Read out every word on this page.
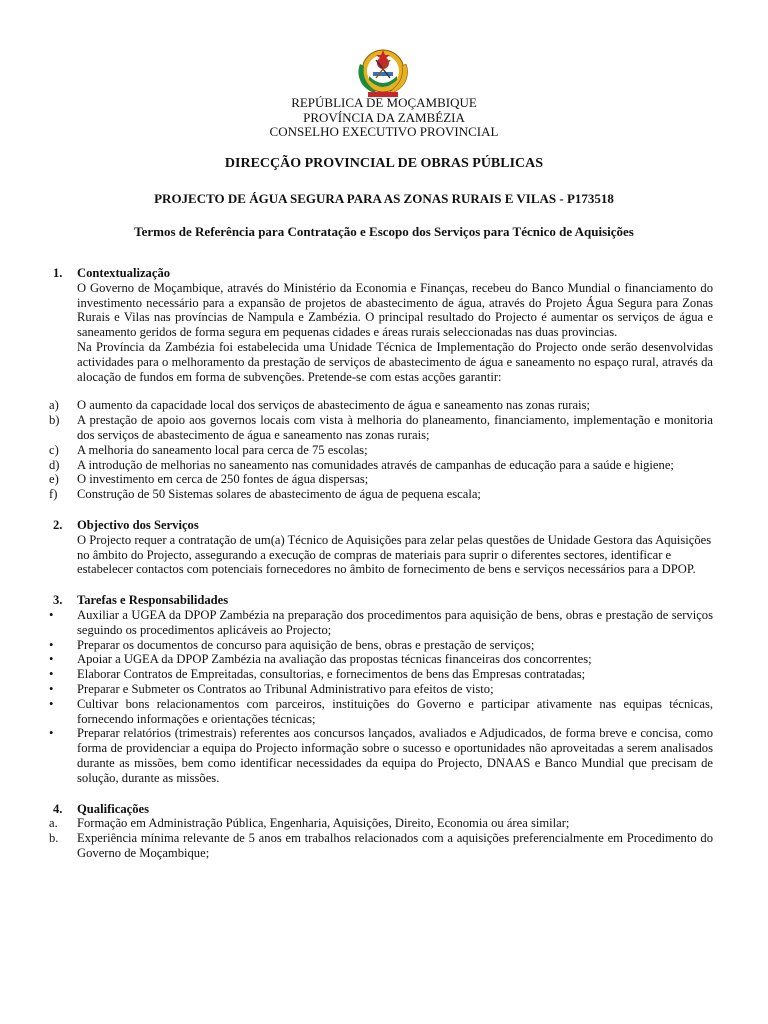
REPÚBLICA DE MOÇAMBIQUE
PROVÍNCIA DA ZAMBÉZIA
CONSELHO EXECUTIVO PROVINCIAL
DIRECÇÃO PROVINCIAL DE OBRAS PÚBLICAS
PROJECTO DE ÁGUA SEGURA PARA AS ZONAS RURAIS E VILAS - P173518
Termos de Referência para Contratação e Escopo dos Serviços para Técnico de Aquisições
1.	Contextualização
O Governo de Moçambique, através do Ministério da Economia e Finanças, recebeu do Banco Mundial o financiamento do investimento necessário para a expansão de projetos de abastecimento de água, através do Projeto Água Segura para Zonas Rurais e Vilas nas províncias de Nampula e Zambézia. O principal resultado do Projecto é aumentar os serviços de água e saneamento geridos de forma segura em pequenas cidades e áreas rurais seleccionadas nas duas provincias.
Na Província da Zambézia foi estabelecida uma Unidade Técnica de Implementação do Projecto onde serão desenvolvidas actividades para o melhoramento da prestação de serviços de abastecimento de água e saneamento no espaço rural, através da alocação de fundos em forma de subvenções. Pretende-se com estas acções garantir:
a)	O aumento da capacidade local dos serviços de abastecimento de água e saneamento nas zonas rurais;
b)	A prestação de apoio aos governos locais com vista à melhoria do planeamento, financiamento, implementação e monitoria dos serviços de abastecimento de água e saneamento nas zonas rurais;
c)	A melhoria do saneamento local para cerca de 75 escolas;
d)	A introdução de melhorias no saneamento nas comunidades através de campanhas de educação para a saúde e higiene;
e)	O investimento em cerca de 250 fontes de água dispersas;
f)	Construção de 50 Sistemas solares de abastecimento de água de pequena escala;
2.	Objectivo dos Serviços
O Projecto requer a contratação de um(a) Técnico de Aquisições para zelar pelas questões de Unidade Gestora das Aquisições no âmbito do Projecto, assegurando a execução de compras de materiais para suprir o diferentes sectores, identificar e estabelecer contactos com potenciais fornecedores no âmbito de fornecimento de bens e serviços necessários para a DPOP.
3.	Tarefas e Responsabilidades
•	Auxiliar a UGEA da DPOP Zambézia na preparação dos procedimentos para aquisição de bens, obras e prestação de serviços seguindo os procedimentos aplicáveis ao Projecto;
•	Preparar os documentos de concurso para aquisição de bens, obras e prestação de serviços;
•	Apoiar a UGEA da DPOP Zambézia na avaliação das propostas técnicas financeiras dos concorrentes;
•	Elaborar Contratos de Empreitadas, consultorias, e fornecimentos de bens das Empresas contratadas;
•	Preparar e Submeter os Contratos ao Tribunal Administrativo para efeitos de visto;
•	Cultivar bons relacionamentos com parceiros, instituições do Governo e participar ativamente nas equipas técnicas, fornecendo informações e orientações técnicas;
•	Preparar relatórios (trimestrais) referentes aos concursos lançados, avaliados e Adjudicados, de forma breve e concisa, como forma de providenciar a equipa do Projecto informação sobre o sucesso e oportunidades não aproveitadas a serem analisados durante as missões, bem como identificar necessidades da equipa do Projecto, DNAAS e Banco Mundial que precisam de solução, durante as missões.
4.	Qualificações
a.	Formação em Administração Pública, Engenharia, Aquisições, Direito, Economia ou área similar;
b.	Experiência mínima relevante de 5 anos em trabalhos relacionados com a aquisições preferencialmente em Procedimento do Governo de Moçambique;
